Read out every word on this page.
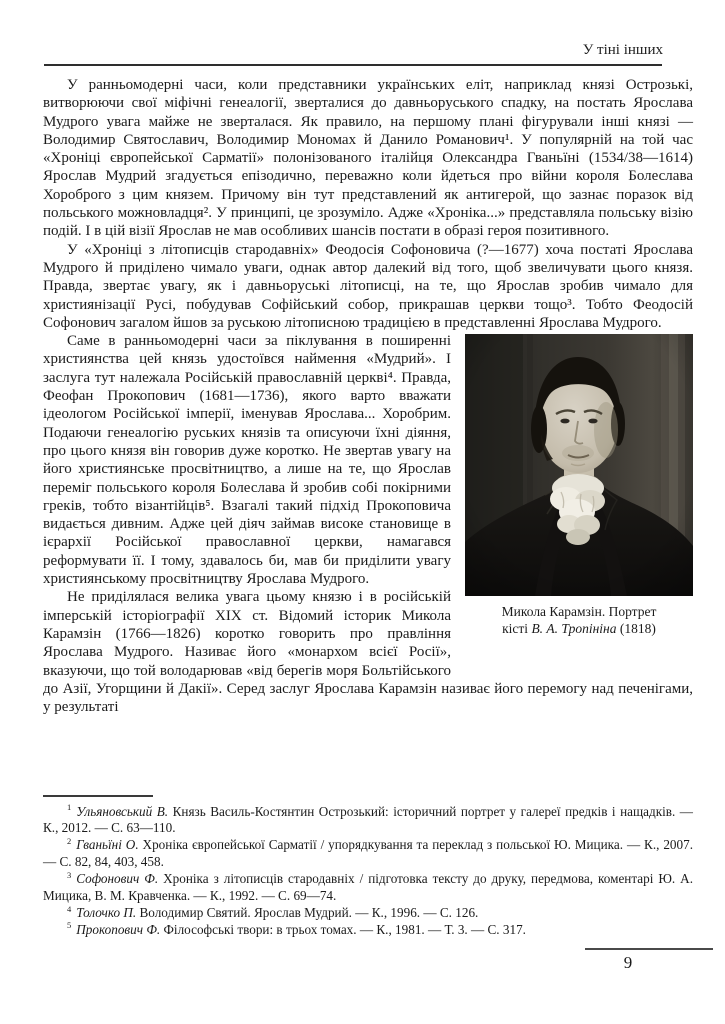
У тіні інших

У ранньомодерні часи, коли представники українських еліт, наприклад князі Острозькі, витворюючи свої міфічні генеалогії, зверталися до давньоруського спадку, на постать Ярослава Мудрого увага майже не зверталася. Як правило, на першому плані фігурували інші князі — Володимир Святославич, Володимир Мономах й Данило Романович¹. У популярній на той час «Хроніці європейської Сарматії» полонізованого італійця Олександра Гваньїні (1534/38—1614) Ярослав Мудрий згадується епізодично, переважно коли йдеться про війни короля Болеслава Хороброго з цим князем. Причому він тут представлений як антигерой, що зазнає поразок від польського можновладця². У принципі, це зрозуміло. Адже «Хроніка...» представляла польську візію подій. І в цій візії Ярослав не мав особливих шансів постати в образі героя позитивного.

У «Хроніці з літописців стародавніх» Феодосія Софоновича (?—1677) хоча постаті Ярослава Мудрого й приділено чимало уваги, однак автор далекий від того, щоб звеличувати цього князя. Правда, звертає увагу, як і давньоруські літописці, на те, що Ярослав зробив чимало для християнізації Русі, побудував Софійський собор, прикрашав церкви тощо³. Тобто Феодосій Софонович загалом йшов за руською літописною традицією в представленні Ярослава Мудрого.

Микола Карамзін. Портрет
кісті В. А. Тропініна (1818)

Саме в ранньомодерні часи за піклування в поширенні християнства цей князь удостоївся наймення «Мудрий». І заслуга тут належала Російській православній церкві⁴. Правда, Феофан Прокопович (1681—1736), якого варто вважати ідеологом Російської імперії, іменував Ярослава... Хоробрим. Подаючи генеалогію руських князів та описуючи їхні діяння, про цього князя він говорив дуже коротко. Не звертав увагу на його християнське просвітництво, а лише на те, що Ярослав переміг польського короля Болеслава й зробив собі покірними греків, тобто візантійців⁵. Взагалі такий підхід Прокоповича видається дивним. Адже цей діяч займав високе становище в ієрархії Російської православної церкви, намагався реформувати її. І тому, здавалось би, мав би приділити увагу християнському просвітництву Ярослава Мудрого.

Не приділялася велика увага цьому князю і в російській імперській історіографії XIX ст. Відомий історик Микола Карамзін (1766—1826) коротко говорить про правління Ярослава Мудрого. Називає його «монархом всієї Росії», вказуючи, що той володарював «від берегів моря Больтійського до Азії, Угорщини й Дакії». Серед заслуг Ярослава Карамзін називає його перемогу над печенігами, у результаті

$^1$ Ульяновський В. Князь Василь-Костянтин Острозький: історичний портрет у галереї предків і нащадків. — К., 2012. — С. 63—110.

$^2$ Гваньїні О. Хроніка європейської Сарматії / упорядкування та переклад з польської Ю. Мицика. — К., 2007. — С. 82, 84, 403, 458.

$^3$ Софонович Ф. Хроніка з літописців стародавніх / підготовка тексту до друку, передмова, коментарі Ю. А. Мицика, В. М. Кравченка. — К., 1992. — С. 69—74.

$^4$ Толочко П. Володимир Святий. Ярослав Мудрий. — К., 1996. — С. 126.

$^5$ Прокопович Ф. Філософські твори: в трьох томах. — К., 1981. — Т. 3. — С. 317.

9
